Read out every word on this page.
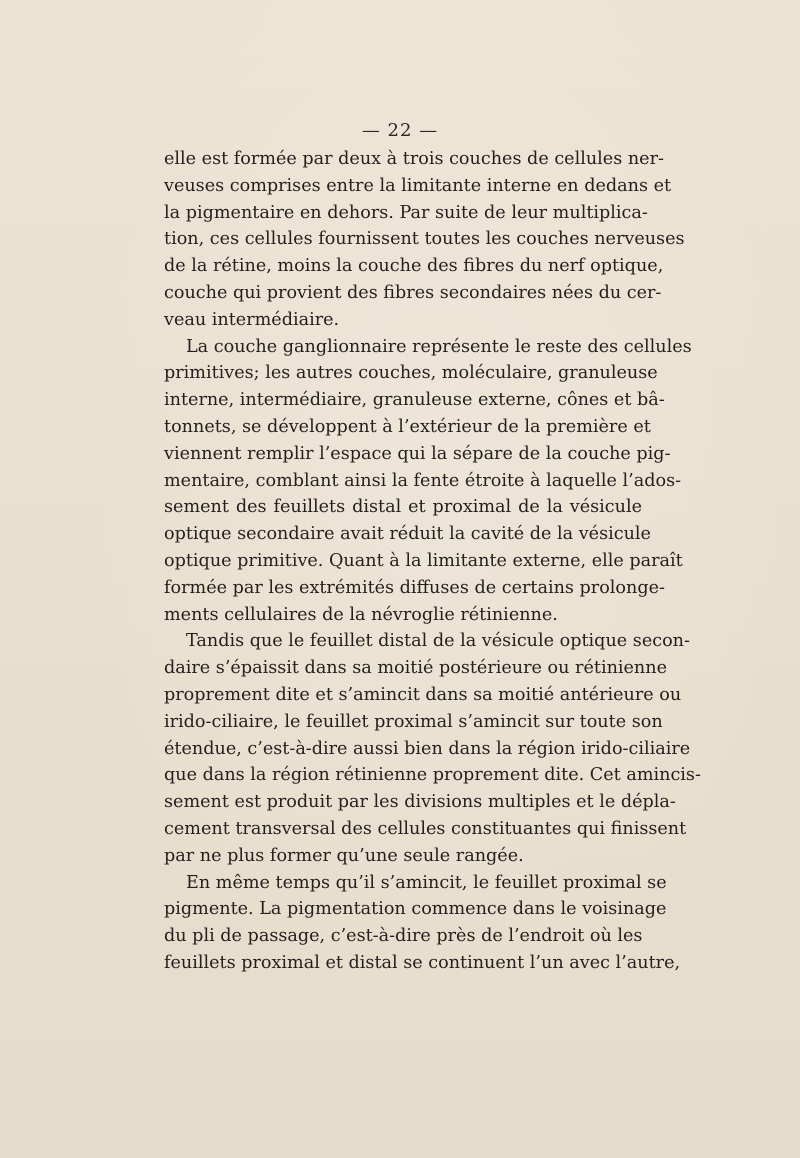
— 22 —
elle est formée par deux à trois couches de cellules ner-
veuses comprises entre la limitante interne en dedans et
la pigmentaire en dehors. Par suite de leur multiplica-
tion, ces cellules fournissent toutes les couches nerveuses
de la rétine, moins la couche des fibres du nerf optique,
couche qui provient des fibres secondaires nées du cer-
veau intermédiaire.
La couche ganglionnaire représente le reste des cellules
primitives; les autres couches, moléculaire, granuleuse
interne, intermédiaire, granuleuse externe, cônes et bâ-
tonnets, se développent à l’extérieur de la première et
viennent remplir l’espace qui la sépare de la couche pig-
mentaire, comblant ainsi la fente étroite à laquelle l’ados-
sement des feuillets distal et proximal de la vésicule
optique secondaire avait réduit la cavité de la vésicule
optique primitive. Quant à la limitante externe, elle paraît
formée par les extrémités diffuses de certains prolonge-
ments cellulaires de la névroglie rétinienne.
Tandis que le feuillet distal de la vésicule optique secon-
daire s’épaissit dans sa moitié postérieure ou rétinienne
proprement dite et s’amincit dans sa moitié antérieure ou
irido-ciliaire, le feuillet proximal s’amincit sur toute son
étendue, c’est-à-dire aussi bien dans la région irido-ciliaire
que dans la région rétinienne proprement dite. Cet amincis-
sement est produit par les divisions multiples et le dépla-
cement transversal des cellules constituantes qui finissent
par ne plus former qu’une seule rangée.
En même temps qu’il s’amincit, le feuillet proximal se
pigmente. La pigmentation commence dans le voisinage
du pli de passage, c’est-à-dire près de l’endroit où les
feuillets proximal et distal se continuent l’un avec l’autre,
